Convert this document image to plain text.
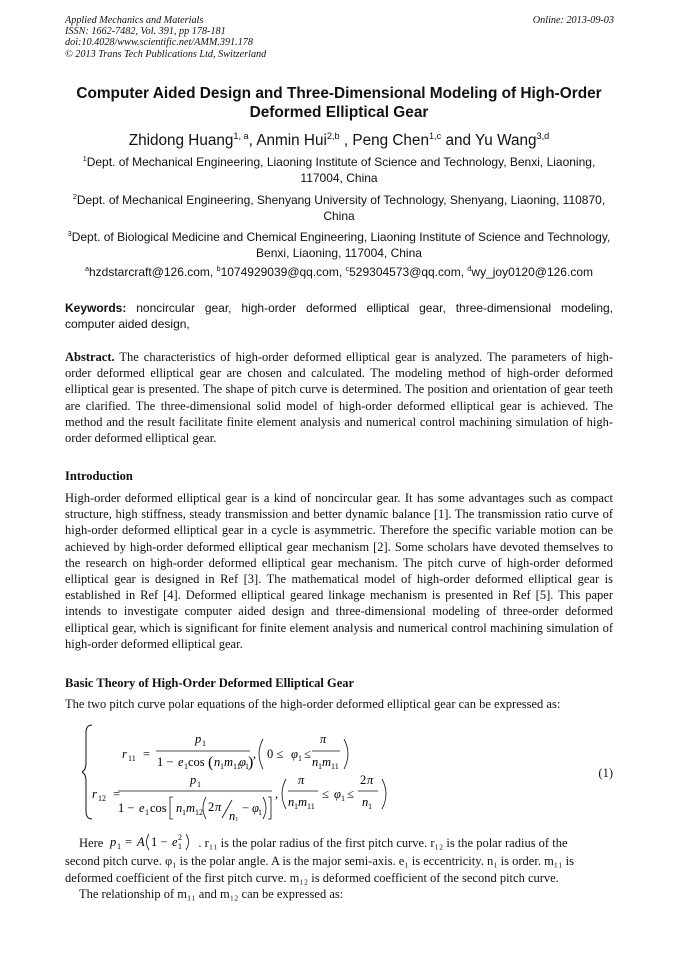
Applied Mechanics and Materials
ISSN: 1662-7482, Vol. 391, pp 178-181
doi:10.4028/www.scientific.net/AMM.391.178
© 2013 Trans Tech Publications Ltd, Switzerland
Online: 2013-09-03
Computer Aided Design and Three-Dimensional Modeling of High-Order Deformed Elliptical Gear
Zhidong Huang$^{1, a}$, Anmin Hui$^{2,b}$ , Peng Chen$^{1,c}$ and Yu Wang$^{3,d}$
$^1$Dept. of Mechanical Engineering, Liaoning Institute of Science and Technology, Benxi, Liaoning, 117004, China
$^2$Dept. of Mechanical Engineering, Shenyang University of Technology, Shenyang, Liaoning, 110870, China
$^3$Dept. of Biological Medicine and Chemical Engineering, Liaoning Institute of Science and Technology, Benxi, Liaoning, 117004, China
$^a$hzdstarcraft@126.com, $^b$1074929039@qq.com, $^c$529304573@qq.com, $^d$wy_joy0120@126.com
Keywords: noncircular gear, high-order deformed elliptical gear, three-dimensional modeling, computer aided design,
Abstract. The characteristics of high-order deformed elliptical gear is analyzed. The parameters of high-order deformed elliptical gear are chosen and calculated. The modeling method of high-order deformed elliptical gear is presented. The shape of pitch curve is determined. The position and orientation of gear teeth are clarified. The three-dimensional solid model of high-order deformed elliptical gear is achieved. The method and the result facilitate finite element analysis and numerical control machining simulation of high-order deformed elliptical gear.
Introduction
High-order deformed elliptical gear is a kind of noncircular gear. It has some advantages such as compact structure, high stiffness, steady transmission and better dynamic balance [1]. The transmission ratio curve of high-order deformed elliptical gear in a cycle is asymmetric. Therefore the specific variable motion can be achieved by high-order deformed elliptical gear mechanism [2]. Some scholars have devoted themselves to the research on high-order deformed elliptical gear mechanism. The pitch curve of high-order deformed elliptical gear is designed in Ref [3]. The mathematical model of high-order deformed elliptical gear is established in Ref [4]. Deformed elliptical geared linkage mechanism is presented in Ref [5]. This paper intends to investigate computer aided design and three-dimensional modeling of three-order deformed elliptical gear, which is significant for finite element analysis and numerical control machining simulation of high-order deformed elliptical gear.
Basic Theory of High-Order Deformed Elliptical Gear
The two pitch curve polar equations of the high-order deformed elliptical gear can be expressed as:
r 11 =
p 1
1 − e 1 cos ( n 1 m 11
φ 1 ) , 0 ≤ φ 1 ≤
π
n 1 m 11
r 12 =
p 1
1 − e 1 cos n 1 m 12 2 π
n 1
− φ 1
,
π
n 1 m 11
≤ φ 1 ≤
2 π
n 1
(1)
Here p 1 = A 1 − e 1
2 . r₁₁ is the polar radius of the first pitch curve. r₁₂ is the polar radius of the
second pitch curve. φ₁ is the polar angle. A is the major semi-axis. e₁ is eccentricity. n₁ is order. m₁₁ is
deformed coefficient of the first pitch curve. m₁₂ is deformed coefficient of the second pitch curve.
The relationship of m₁₁ and m₁₂ can be expressed as:
